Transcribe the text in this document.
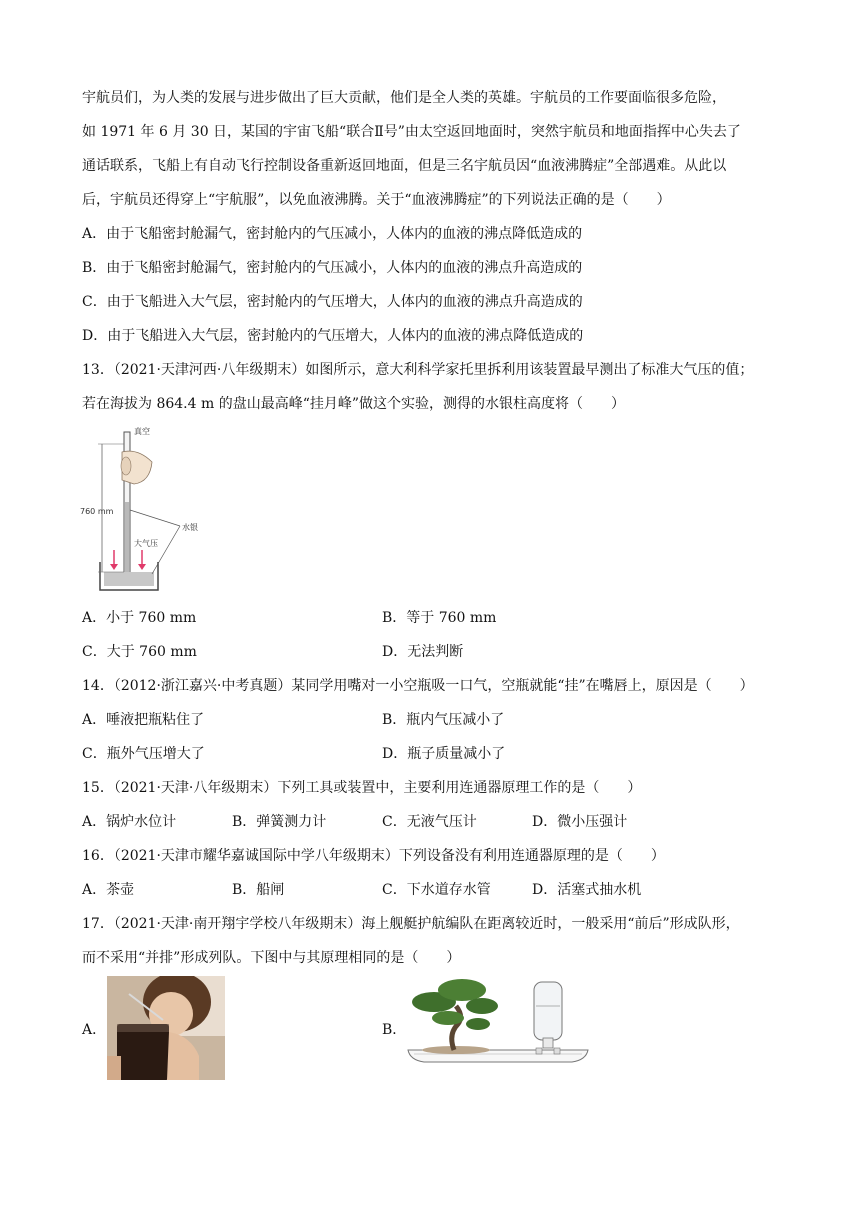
宇航员们，为人类的发展与进步做出了巨大贡献，他们是全人类的英雄。宇航员的工作要面临很多危险，
如 1971 年 6 月 30 日，某国的宇宙飞船“联合Ⅱ号”由太空返回地面时，突然宇航员和地面指挥中心失去了
通话联系，飞船上有自动飞行控制设备重新返回地面，但是三名宇航员因“血液沸腾症”全部遇难。从此以
后，宇航员还得穿上“宇航服”，以免血液沸腾。关于“血液沸腾症”的下列说法正确的是（　　）
A．由于飞船密封舱漏气，密封舱内的气压减小，人体内的血液的沸点降低造成的
B．由于飞船密封舱漏气，密封舱内的气压减小，人体内的血液的沸点升高造成的
C．由于飞船进入大气层，密封舱内的气压增大，人体内的血液的沸点升高造成的
D．由于飞船进入大气层，密封舱内的气压增大，人体内的血液的沸点降低造成的
13．（2021·天津河西·八年级期末）如图所示，意大利科学家托里拆利用该装置最早测出了标准大气压的值；
若在海拔为 864.4 m 的盘山最高峰“挂月峰”做这个实验，测得的水银柱高度将（　　）
真空
760 mm
水银
大气压
A．小于 760 mm	B．等于 760 mm
C．大于 760 mm	D．无法判断
14．（2012·浙江嘉兴·中考真题）某同学用嘴对一小空瓶吸一口气，空瓶就能“挂”在嘴唇上，原因是（　　）
A．唾液把瓶粘住了	B．瓶内气压减小了
C．瓶外气压增大了	D．瓶子质量减小了
15．（2021·天津·八年级期末）下列工具或装置中，主要利用连通器原理工作的是（　　）
A．锅炉水位计	B．弹簧测力计	C．无液气压计	D．微小压强计
16．（2021·天津市耀华嘉诚国际中学八年级期末）下列设备没有利用连通器原理的是（　　）
A．茶壶	B．船闸	C．下水道存水管	D．活塞式抽水机
17．（2021·天津·南开翔宇学校八年级期末）海上舰艇护航编队在距离较近时，一般采用“前后”形成队形，
而不采用“并排”形成列队。下图中与其原理相同的是（　　）
A．	B．
